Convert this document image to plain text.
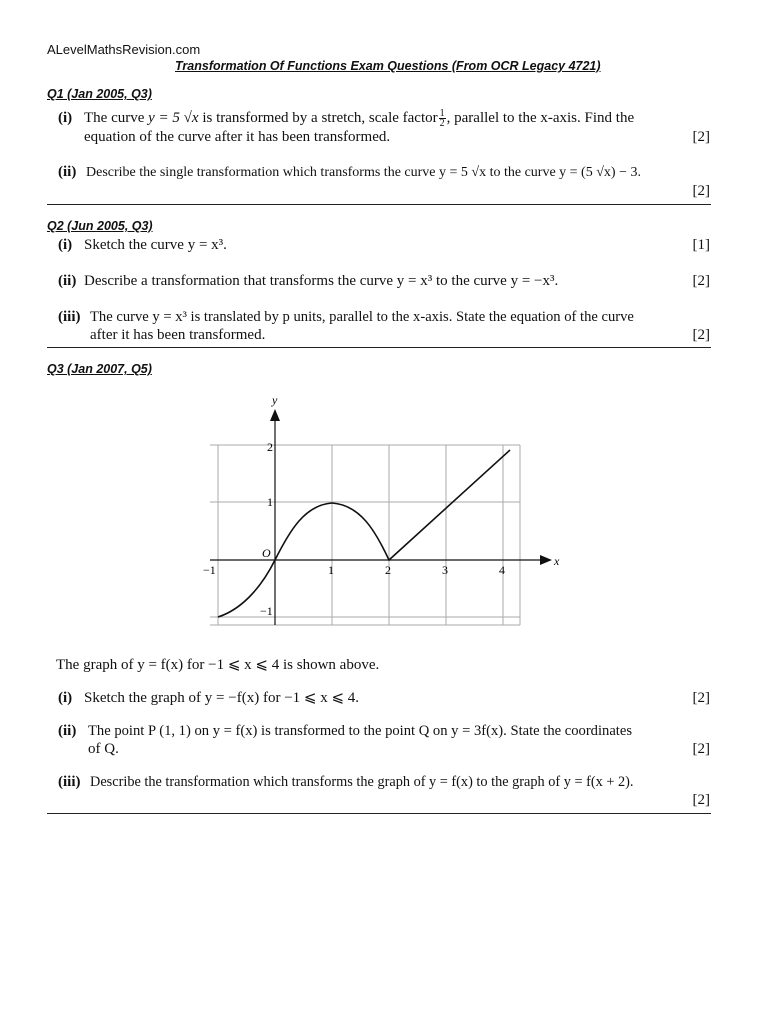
ALevelMathsRevision.com
Transformation Of Functions Exam Questions (From OCR Legacy 4721)
Q1 (Jan 2005, Q3)
(i) The curve y = 5 √x is transformed by a stretch, scale factor $\frac{1}{2}$ , parallel to the x-axis. Find the
equation of the curve after it has been transformed.	[2]
(ii) Describe the single transformation which transforms the curve y = 5 √x to the curve y = (5 √x) − 3.

[2]
Q2 (Jun 2005, Q3)
(i) Sketch the curve y = x³.	[1]
(ii) Describe a transformation that transforms the curve y = x³ to the curve y = −x³.	[2]
(iii) The curve y = x³ is translated by p units, parallel to the x-axis. State the equation of the curve
after it has been transformed.	[2]
Q3 (Jan 2007, Q5)
y
x
O
−1	1	2	3	4
2
1
−1
The graph of y = f(x) for −1 ⩽ x ⩽ 4 is shown above.
(i) Sketch the graph of y = −f(x) for −1 ⩽ x ⩽ 4.	[2]
(ii) The point P (1, 1) on y = f(x) is transformed to the point Q on y = 3f(x). State the coordinates
of Q.	[2]
(iii) Describe the transformation which transforms the graph of y = f(x) to the graph of y = f(x + 2).

[2]
